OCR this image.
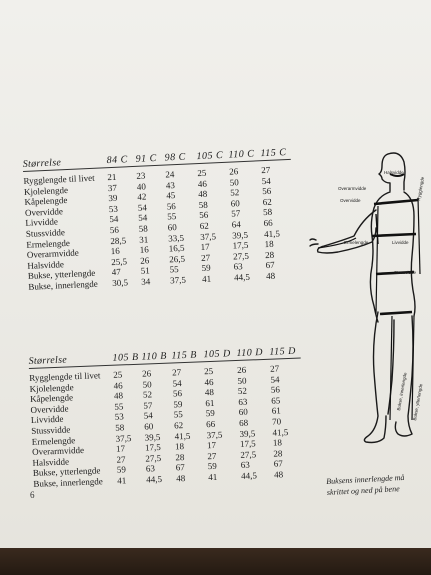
Størrelse	84 C 91 C 98 C	105 C 110 C 115 C
Rygglengde til livet 21	23	24	25	26	27
Kjolelengde	37	40	43	46	50	54
Kåpelengde	39	42	45	48	52	56
Overvidde	53	54	56	58	60	62
Livvidde	54	54	55	56	57	58
Stussvidde	56	58	60	62	64	66
Ermelengde	28,5	31	33,5	37,5	39,5	41,5
Overarmvidde	16	16	16,5	17	17,5	18
Halsvidde	25,5	26	26,5	27	27,5	28
Bukse, ytterlengde 47	51	55	59	63	67
Bukse, innerlengde 30,5	34	37,5	41	44,5	48
Størrelse	105 B 110 B 115 B 105 D 110 D 115 D
Rygglengde til livet 25	26	27	25	26	27
Kjolelengde	46	50	54	46	50	54
Kåpelengde	48	52	56	48	52	56
Overvidde	55	57	59	61	63	65
Livvidde	53	54	55	59	60	61
Stussvidde	58	60	62	66	68	70
Ermelengde	37,5	39,5	41,5	37,5	39,5	41,5
Overarmvidde	17	17,5	18	17	17,5	18
Halsvidde	27	27,5	28	27	27,5	28
Bukse, ytterlengde 59	63	67	59	63	67
Bukse, innerlengde 41	44,5	48	41	44,5	48
6
Halsvidde
Overarmvidde
Overvidde	Rygglengde
Ermelengde	Livvidde
Stussvidde
Bukse, ytterlengde
Bukse, innerlengde
Buksens innerlengde må
skrittet og ned på bene
